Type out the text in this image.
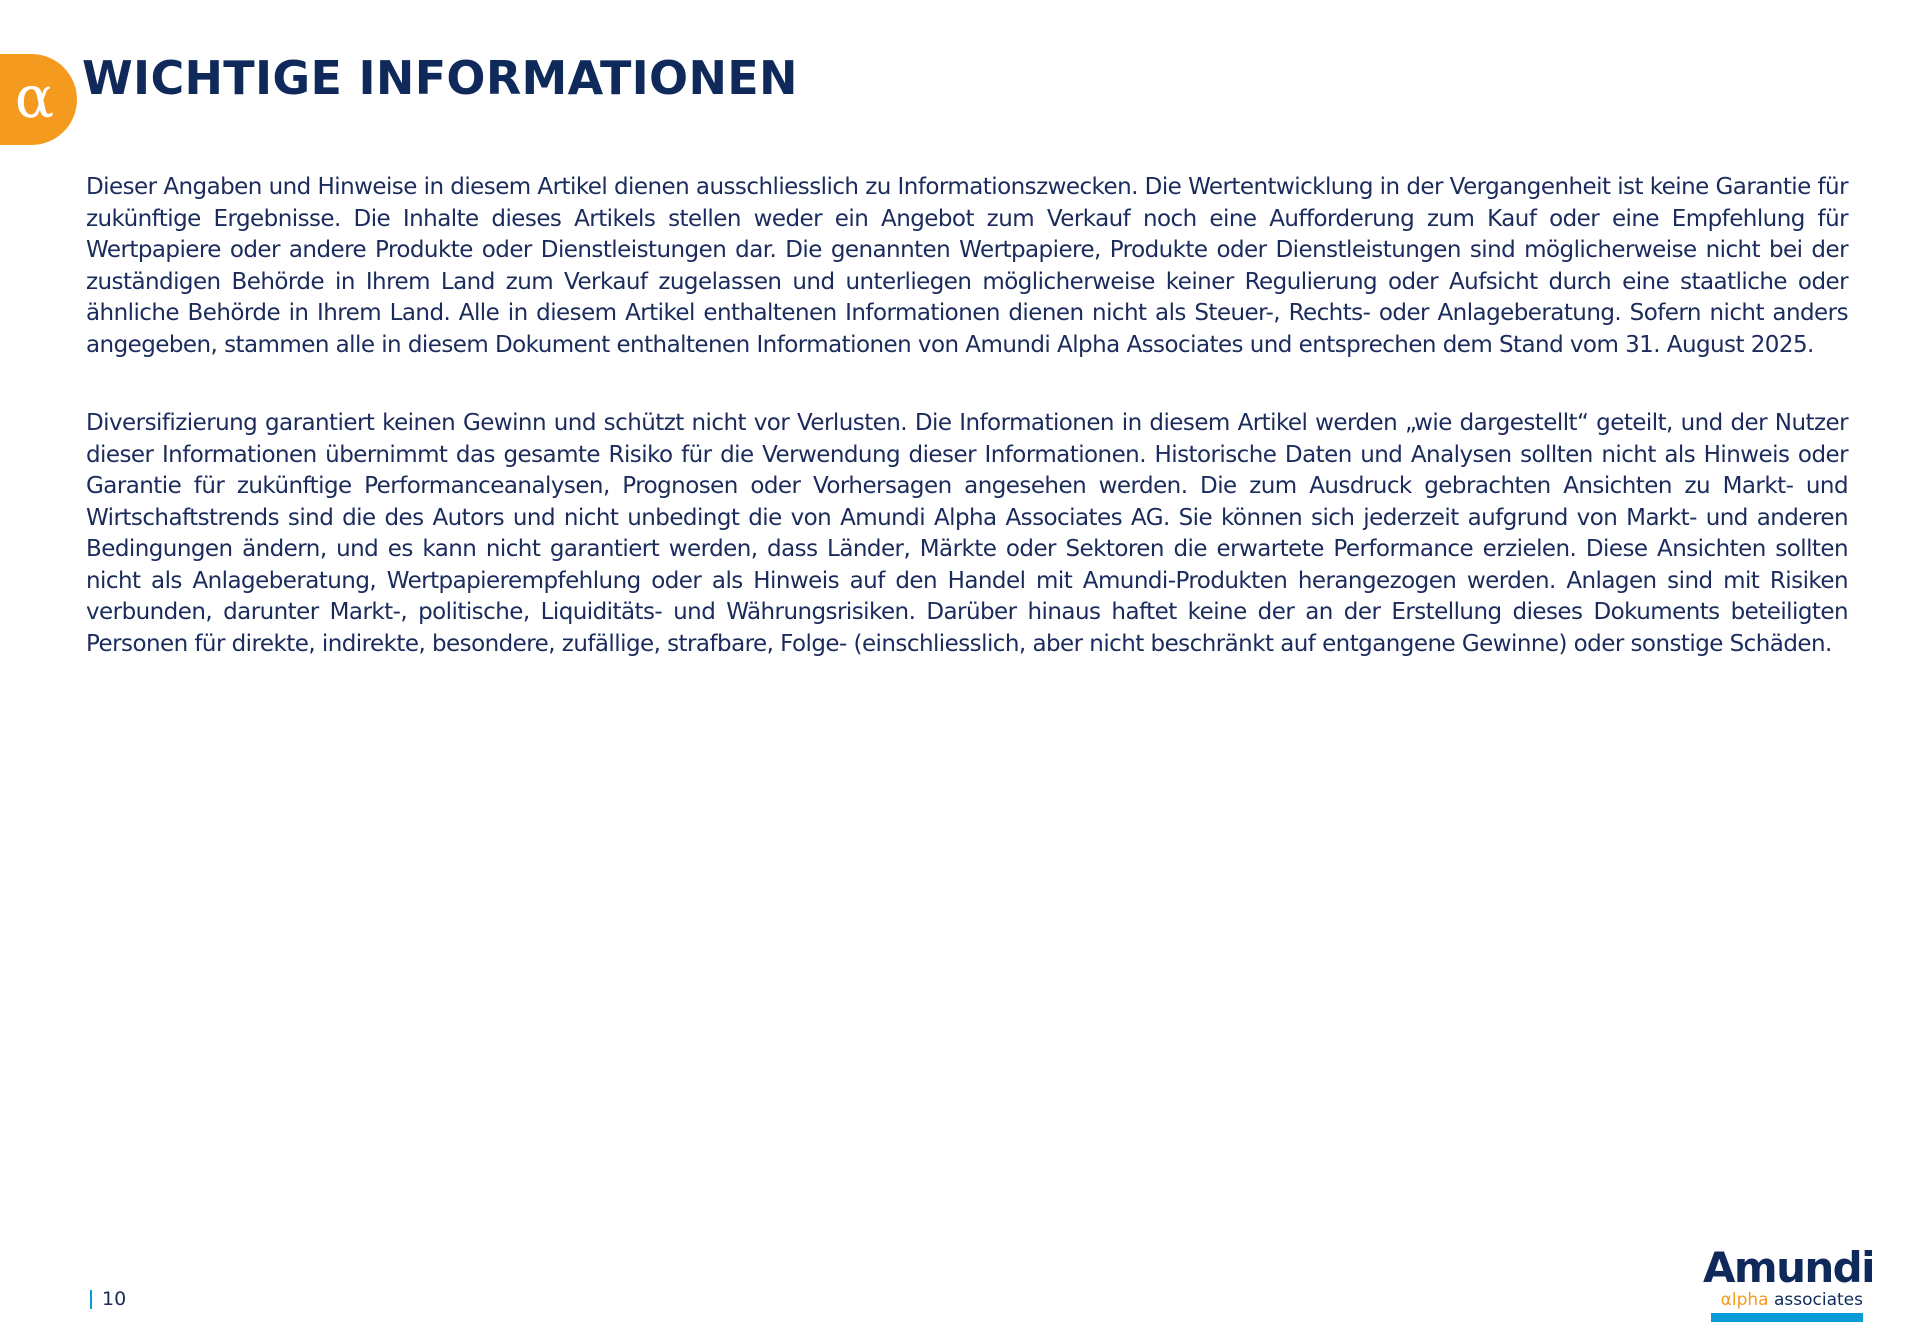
α WICHTIGE INFORMATIONEN

Dieser Angaben und Hinweise in diesem Artikel dienen ausschliesslich zu Informationszwecken. Die Wertentwicklung in der Vergangenheit ist keine Garantie für zukünftige Ergebnisse. Die Inhalte dieses Artikels stellen weder ein Angebot zum Verkauf noch eine Aufforderung zum Kauf oder eine Empfehlung für Wertpapiere oder andere Produkte oder Dienstleistungen dar. Die genannten Wertpapiere, Produkte oder Dienstleistungen sind möglicherweise nicht bei der zuständigen Behörde in Ihrem Land zum Verkauf zugelassen und unterliegen möglicherweise keiner Regulierung oder Aufsicht durch eine staatliche oder ähnliche Behörde in Ihrem Land. Alle in diesem Artikel enthaltenen Informationen dienen nicht als Steuer-, Rechts- oder Anlageberatung. Sofern nicht anders angegeben, stammen alle in diesem Dokument enthaltenen Informationen von Amundi Alpha Associates und entsprechen dem Stand vom 31. August 2025.

Diversifizierung garantiert keinen Gewinn und schützt nicht vor Verlusten. Die Informationen in diesem Artikel werden „wie dargestellt“ geteilt, und der Nutzer dieser Informationen übernimmt das gesamte Risiko für die Verwendung dieser Informationen. Historische Daten und Analysen sollten nicht als Hinweis oder Garantie für zukünftige Performanceanalysen, Prognosen oder Vorhersagen angesehen werden. Die zum Ausdruck gebrachten Ansichten zu Markt- und Wirtschaftstrends sind die des Autors und nicht unbedingt die von Amundi Alpha Associates AG. Sie können sich jederzeit aufgrund von Markt- und anderen Bedingungen ändern, und es kann nicht garantiert werden, dass Länder, Märkte oder Sektoren die erwartete Performance erzielen. Diese Ansichten sollten nicht als Anlageberatung, Wertpapierempfehlung oder als Hinweis auf den Handel mit Amundi-Produkten herangezogen werden. Anlagen sind mit Risiken verbunden, darunter Markt-, politische, Liquiditäts- und Währungsrisiken. Darüber hinaus haftet keine der an der Erstellung dieses Dokuments beteiligten Personen für direkte, indirekte, besondere, zufällige, strafbare, Folge- (einschliesslich, aber nicht beschränkt auf entgangene Gewinne) oder sonstige Schäden.

10
Amundi
αlpha associates
